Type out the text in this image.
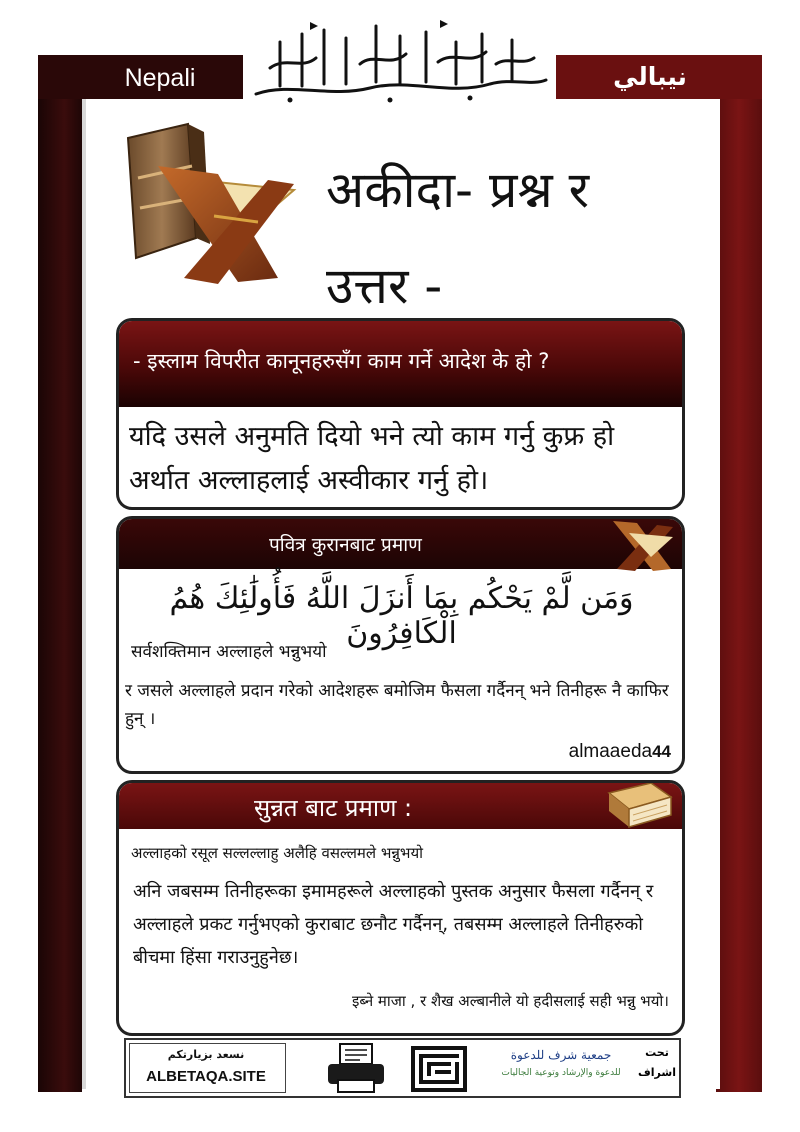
Nepali	نيبالي
अकीदा- प्रश्न र
उत्तर -
- इस्लाम विपरीत कानूनहरुसँग काम गर्ने आदेश के हो ?
यदि उसले अनुमति दियो भने त्यो काम गर्नु कुफ्र हो अर्थात अल्लाहलाई अस्वीकार गर्नु हो।
पवित्र कुरानबाट प्रमाण
وَمَن لَّمْ يَحْكُم بِمَا أَنزَلَ اللَّهُ فَأُولَٰئِكَ هُمُ الْكَافِرُونَ
सर्वशक्तिमान अल्लाहले भन्नुभयो
र जसले अल्लाहले प्रदान गरेको आदेशहरू बमोजिम फैसला गर्दैनन् भने तिनीहरू नै काफिर हुन् ।
almaaeda44
सुन्नत बाट प्रमाण :
अल्लाहको रसूल सल्लल्लाहु अलैहि वसल्लमले भन्नुभयो
अनि जबसम्म तिनीहरूका इमामहरूले अल्लाहको पुस्तक अनुसार फैसला गर्दैनन् र अल्लाहले प्रकट गर्नुभएको कुराबाट छनौट गर्दैनन्, तबसम्म अल्लाहले तिनीहरुको बीचमा हिंसा गराउनुहुनेछ।
इब्ने माजा , र शैख अल्बानीले यो हदीसलाई सही भन्नु भयो।
نسعد بزيارتكم
ALBETAQA.SITE
جمعية شرف للدعوة
للدعوة والإرشاد وتوعية الجاليات
تحت
اشراف
